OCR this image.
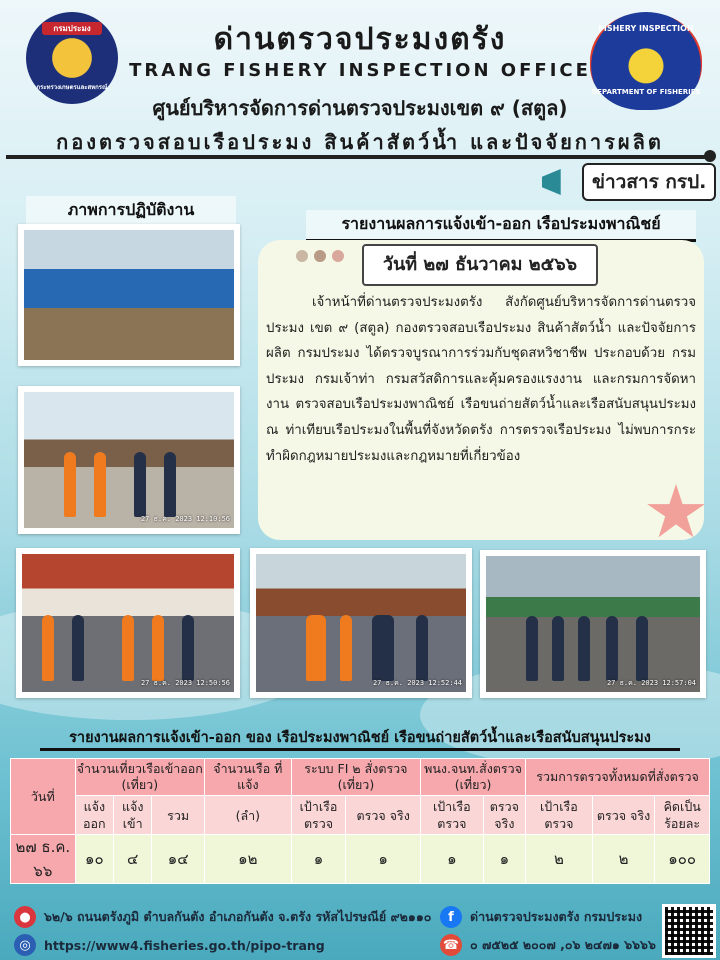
กรมประมง
กระทรวงเกษตรและสหกรณ์
FISHERY INSPECTION
DEPARTMENT OF FISHERIES
ด่านตรวจประมงตรัง
TRANG FISHERY INSPECTION OFFICE
ศูนย์บริหารจัดการด่านตรวจประมงเขต ๙ (สตูล)
กองตรวจสอบเรือประมง สินค้าสัตว์น้ำ และปัจจัยการผลิต
ข่าวสาร กรป.
ภาพการปฏิบัติงาน
รายงานผลการแจ้งเข้า-ออก เรือประมงพาณิชย์
27 ธ.ค. 2023 12:10:56
27 ธ.ค. 2023 12:50:56	27 ธ.ค. 2023 12:52:44	27 ธ.ค. 2023 12:57:04
วันที่ ๒๗ ธันวาคม ๒๕๖๖
เจ้าหน้าที่ด่านตรวจประมงตรัง สังกัดศูนย์บริหารจัดการด่านตรวจประมง เขต ๙ (สตูล) กองตรวจสอบเรือประมง สินค้าสัตว์น้ำ และปัจจัยการผลิต กรมประมง ได้ตรวจบูรณาการร่วมกับชุดสหวิชาชีพ ประกอบด้วย กรมประมง กรมเจ้าท่า กรมสวัสดิการและคุ้มครองแรงงาน และกรมการจัดหางาน ตรวจสอบเรือประมงพาณิชย์ เรือขนถ่ายสัตว์น้ำและเรือสนับสนุนประมง ณ ท่าเทียบเรือประมงในพื้นที่จังหวัดตรัง การตรวจเรือประมง ไม่พบการกระทำผิดกฎหมายประมงและกฎหมายที่เกี่ยวข้อง
รายงานผลการแจ้งเข้า-ออก ของ เรือประมงพาณิชย์ เรือขนถ่ายสัตว์น้ำและเรือสนับสนุนประมง
วันที่	จำนวนเที่ยวเรือเข้าออก (เที่ยว)			จำนวนเรือ ที่แจ้ง	ระบบ FI ๒ สั่งตรวจ (เที่ยว)		พนง.จนท.สั่งตรวจ (เที่ยว)		รวมการตรวจทั้งหมดที่สั่งตรวจ		
	แจ้ง ออก	แจ้ง เข้า	รวม	(ลำ)	เป้าเรือ ตรวจ	ตรวจ จริง	เป้าเรือ ตรวจ	ตรวจ จริง	เป้าเรือ ตรวจ	ตรวจ จริง	คิดเป็น ร้อยละ
๒๗ ธ.ค. ๖๖	๑๐	๔	๑๔	๑๒	๑	๑	๑	๑	๒	๒	๑๐๐
●	๖๒/๖ ถนนตรังภูมิ ตำบลกันตัง อำเภอกันตัง จ.ตรัง รหัสไปรษณีย์ ๙๒๑๑๐	f	ด่านตรวจประมงตรัง กรมประมง
◎	https://www4.fisheries.go.th/pipo-trang	☎ ๐ ๗๕๒๕ ๒๐๐๗ ,๐๖ ๒๔๗๑ ๖๖๖๖
